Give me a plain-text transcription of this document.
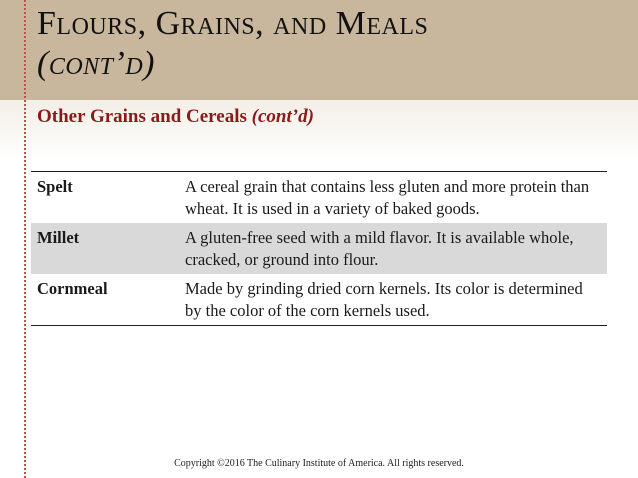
Flours, Grains, and Meals
(cont’d)
Other Grains and Cereals (cont’d)
Spelt	A cereal grain that contains less gluten and more protein than wheat. It is used in a variety of baked goods.
Millet	A gluten-free seed with a mild flavor. It is available whole, cracked, or ground into flour.
Cornmeal	Made by grinding dried corn kernels. Its color is determined by the color of the corn kernels used.
Copyright ©2016 The Culinary Institute of America. All rights reserved.
